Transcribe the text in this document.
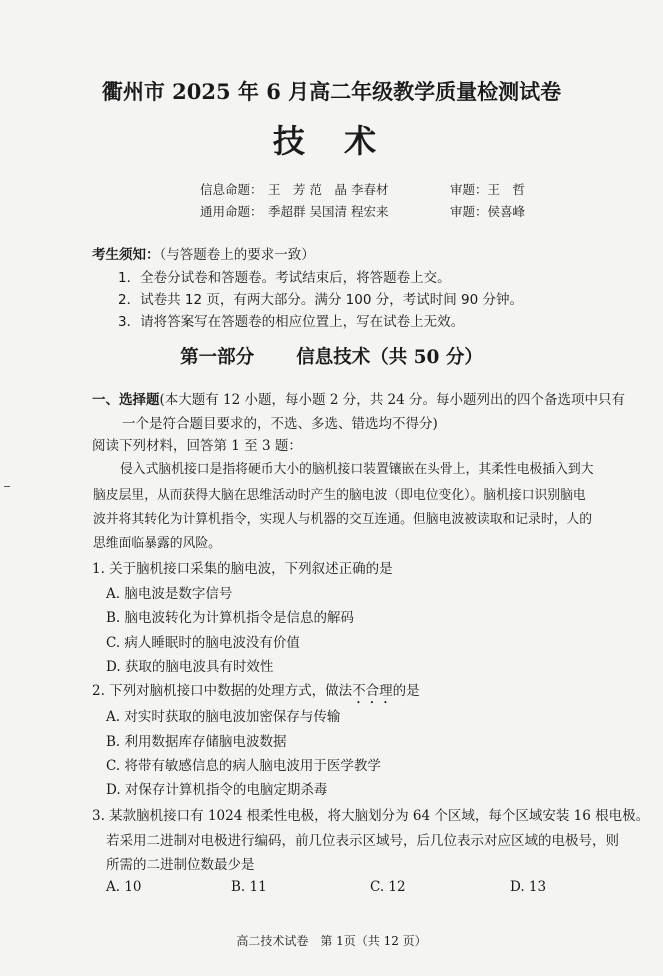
衢州市 2025 年 6 月高二年级教学质量检测试卷
技 术
信息命题： 王　芳 范　晶 李春材	审题：王　哲
通用命题： 季超群 吴国清 程宏来	审题：侯喜峰
考生须知：（与答题卷上的要求一致）
1．全卷分试卷和答题卷。考试结束后，将答题卷上交。
2．试卷共 12 页，有两大部分。满分 100 分，考试时间 90 分钟。
3．请将答案写在答题卷的相应位置上，写在试卷上无效。
第一部分 信息技术（共 50 分）
一、选择题(本大题有 12 小题，每小题 2 分，共 24 分。每小题列出的四个备选项中只有
一个是符合题目要求的，不选、多选、错选均不得分)
阅读下列材料，回答第 1 至 3 题：
侵入式脑机接口是指将硬币大小的脑机接口装置镶嵌在头骨上，其柔性电极插入到大
脑皮层里，从而获得大脑在思维活动时产生的脑电波（即电位变化）。脑机接口识别脑电
波并将其转化为计算机指令，实现人与机器的交互连通。但脑电波被读取和记录时，人的
思维面临暴露的风险。
1. 关于脑机接口采集的脑电波，下列叙述正确的是
A. 脑电波是数字信号
B. 脑电波转化为计算机指令是信息的解码
C. 病人睡眠时的脑电波没有价值
D. 获取的脑电波具有时效性
2. 下列对脑机接口中数据的处理方式，做法不合理的是
A. 对实时获取的脑电波加密保存与传输
B. 利用数据库存储脑电波数据
C. 将带有敏感信息的病人脑电波用于医学教学
D. 对保存计算机指令的电脑定期杀毒
3. 某款脑机接口有 1024 根柔性电极，将大脑划分为 64 个区域，每个区域安装 16 根电极。
若采用二进制对电极进行编码，前几位表示区域号，后几位表示对应区域的电极号，则
所需的二进制位数最少是
A. 10	B. 11	C. 12	D. 13
高二技术试卷　第 1页（共 12 页）
